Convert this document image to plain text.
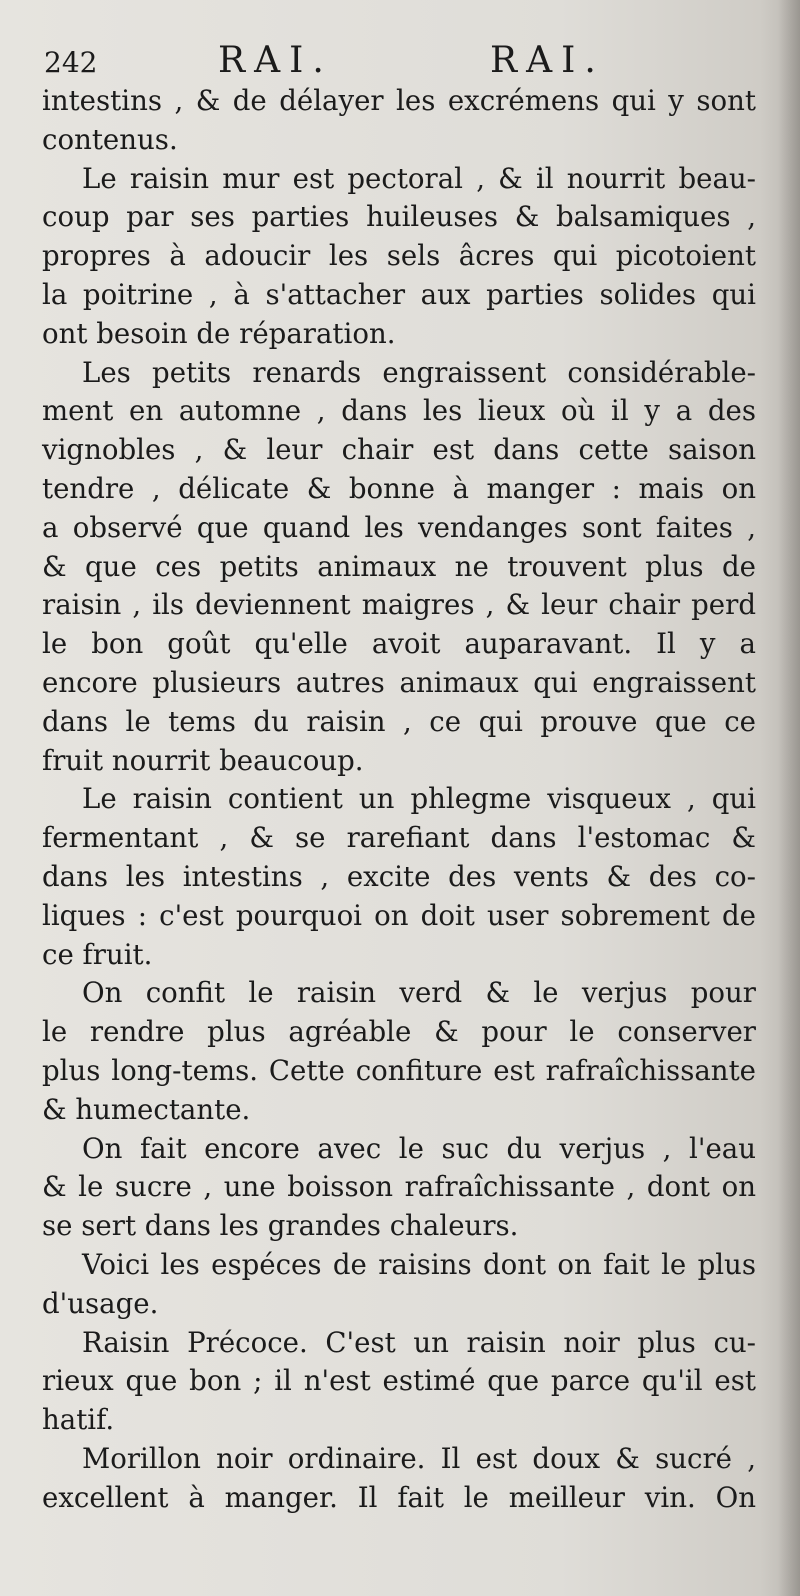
242	RAI.	RAI.
intestins , & de délayer les excrémens qui y sont
contenus.
Le raisin mur est pectoral , & il nourrit beau-
coup par ses parties huileuses & balsamiques ,
propres à adoucir les sels âcres qui picotoient
la poitrine , à s'attacher aux parties solides qui
ont besoin de réparation.
Les petits renards engraissent considérable-
ment en automne , dans les lieux où il y a des
vignobles , & leur chair est dans cette saison
tendre , délicate & bonne à manger : mais on
a observé que quand les vendanges sont faites ,
& que ces petits animaux ne trouvent plus de
raisin , ils deviennent maigres , & leur chair perd
le bon goût qu'elle avoit auparavant. Il y a
encore plusieurs autres animaux qui engraissent
dans le tems du raisin , ce qui prouve que ce
fruit nourrit beaucoup.
Le raisin contient un phlegme visqueux , qui
fermentant , & se rarefiant dans l'estomac &
dans les intestins , excite des vents & des co-
liques : c'est pourquoi on doit user sobrement de
ce fruit.
On confit le raisin verd & le verjus pour
le rendre plus agréable & pour le conserver
plus long-tems. Cette confiture est rafraîchissante
& humectante.
On fait encore avec le suc du verjus , l'eau
& le sucre , une boisson rafraîchissante , dont on
se sert dans les grandes chaleurs.
Voici les espéces de raisins dont on fait le plus
d'usage.
Raisin Précoce. C'est un raisin noir plus cu-
rieux que bon ; il n'est estimé que parce qu'il est
hatif.
Morillon noir ordinaire. Il est doux & sucré ,
excellent à manger. Il fait le meilleur vin. On
